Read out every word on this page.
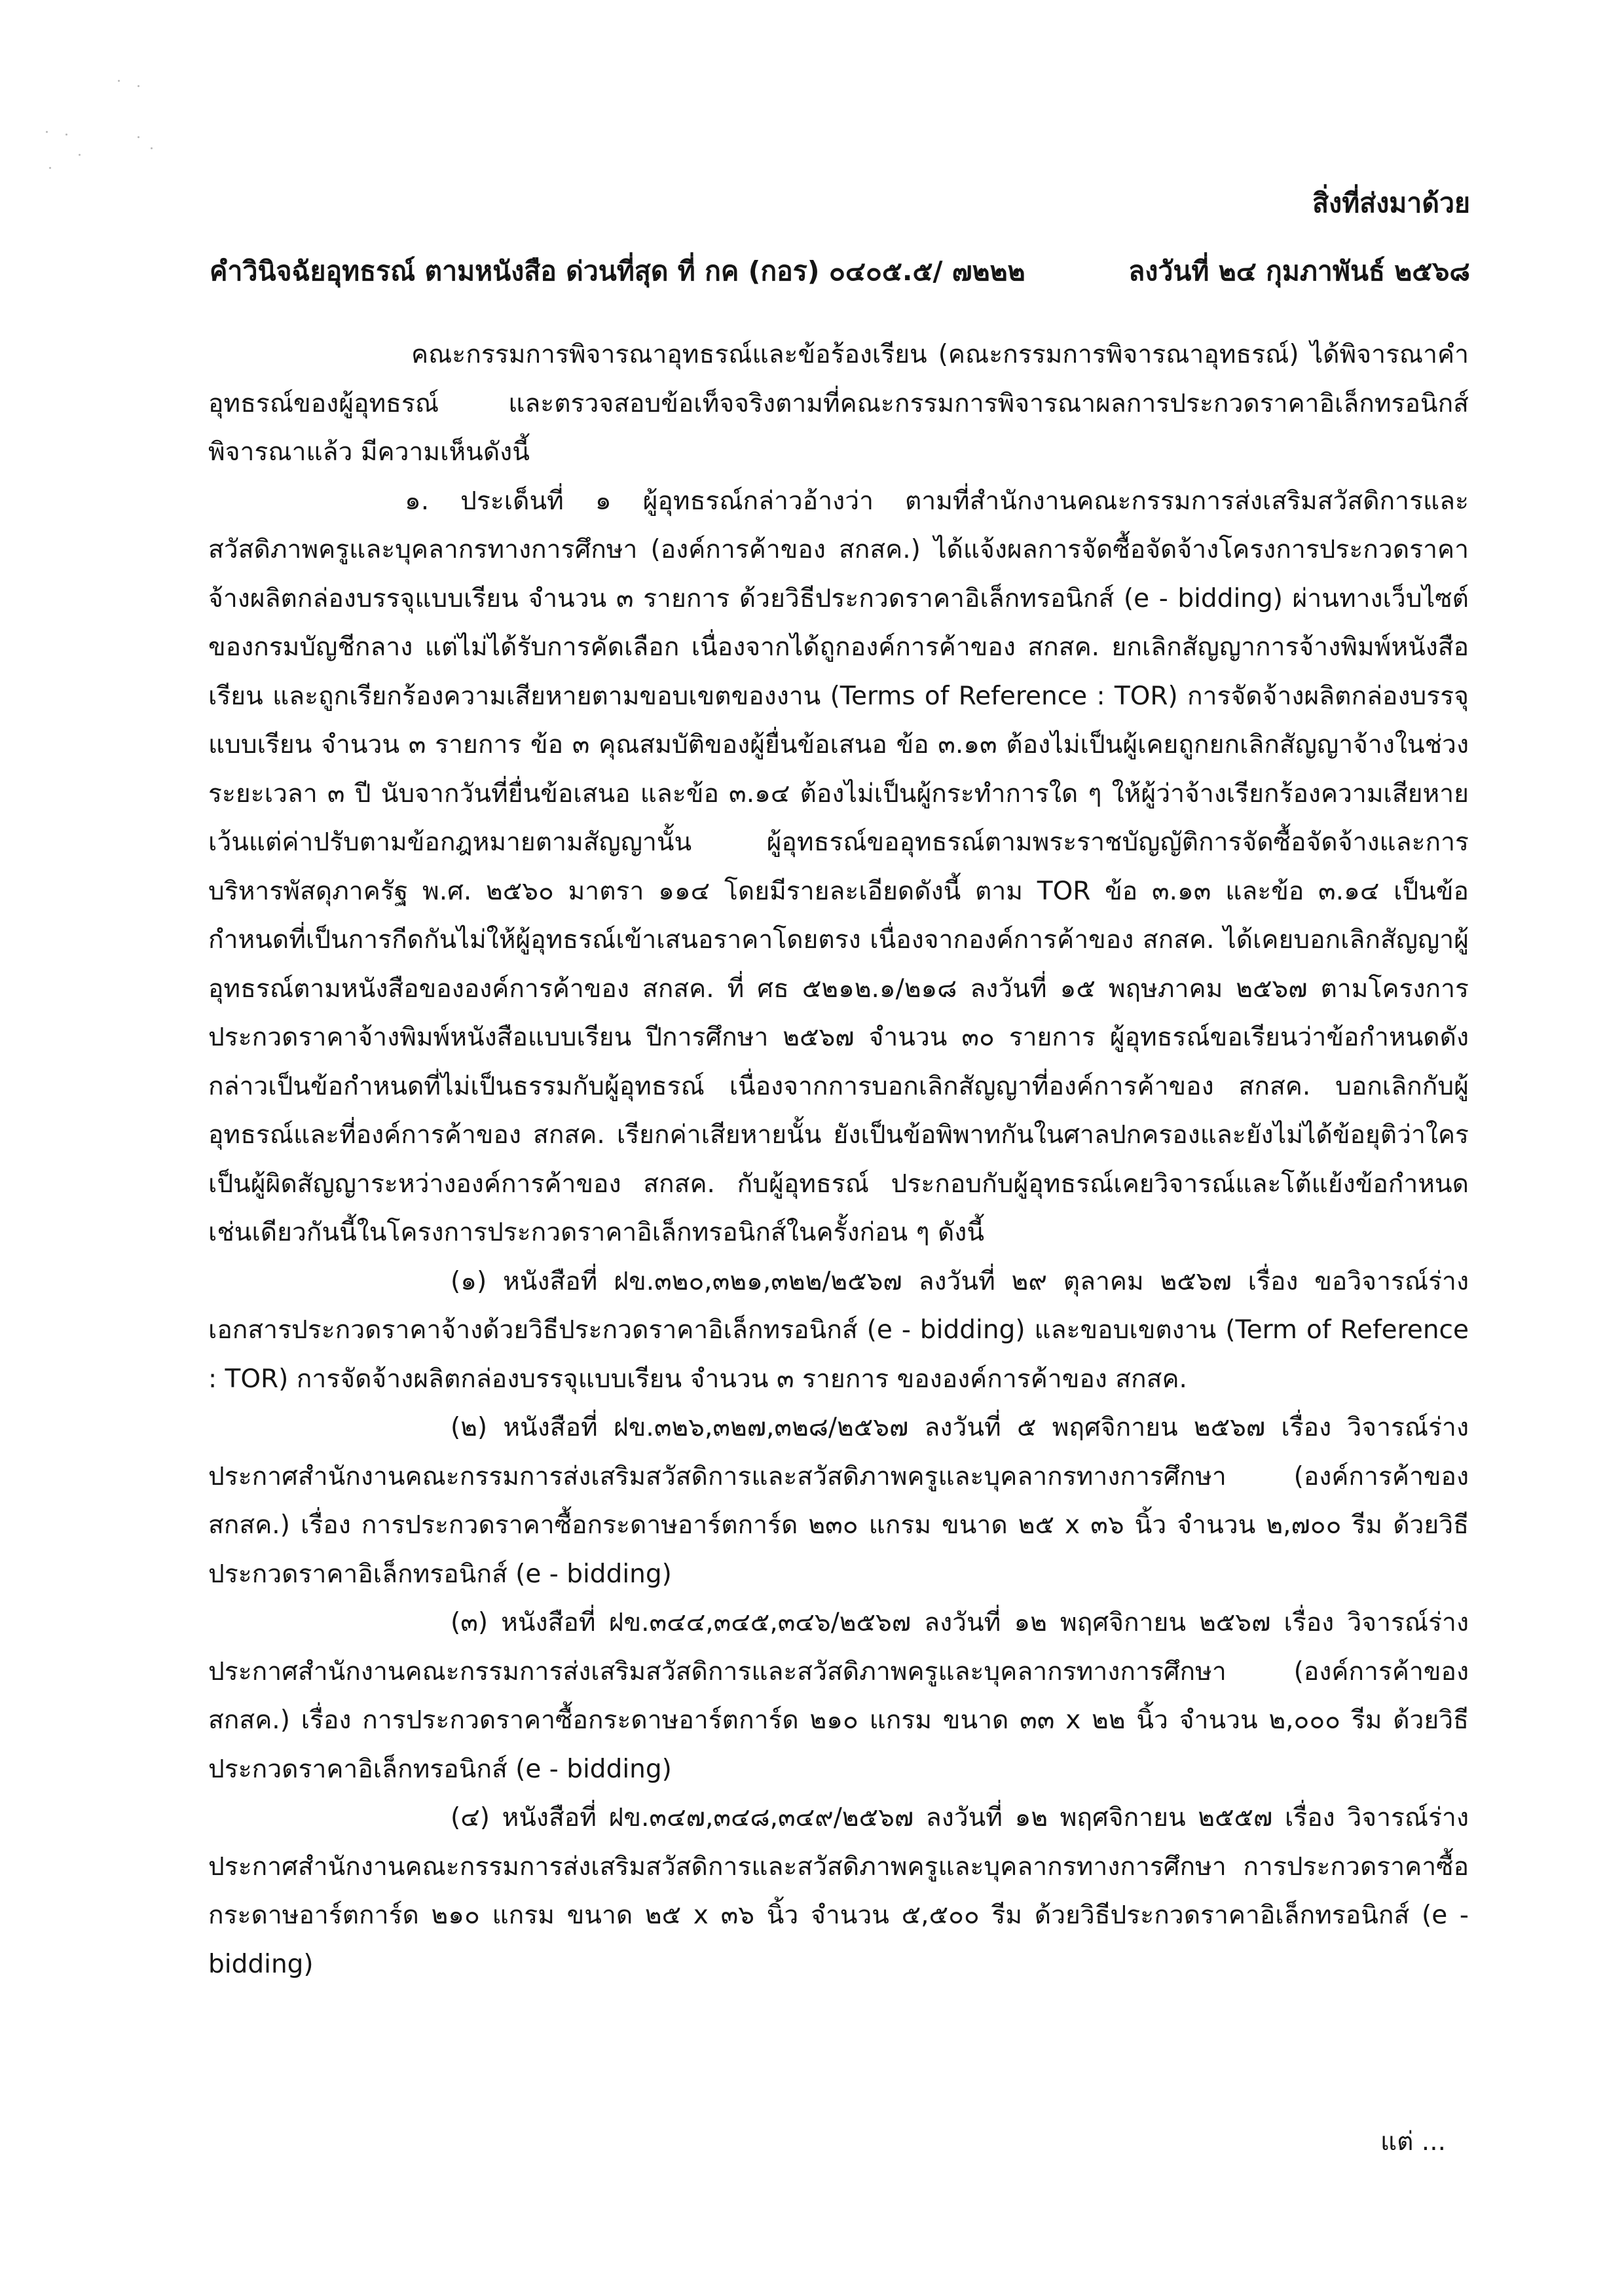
สิ่งที่ส่งมาด้วย
คำวินิจฉัยอุทธรณ์ ตามหนังสือ ด่วนที่สุด ที่ กค (กอร) ๐๔๐๕.๕/ ๗๒๒๒	ลงวันที่ ๒๔ กุมภาพันธ์ ๒๕๖๘

คณะกรรมการพิจารณาอุทธรณ์และข้อร้องเรียน (คณะกรรมการพิจารณาอุทธรณ์) ได้พิจารณาคำอุทธรณ์ของผู้อุทธรณ์ และตรวจสอบข้อเท็จจริงตามที่คณะกรรมการพิจารณาผลการประกวดราคาอิเล็กทรอนิกส์พิจารณาแล้ว มีความเห็นดังนี้

๑. ประเด็นที่ ๑ ผู้อุทธรณ์กล่าวอ้างว่า ตามที่สำนักงานคณะกรรมการส่งเสริมสวัสดิการและสวัสดิภาพครูและบุคลากรทางการศึกษา (องค์การค้าของ สกสค.) ได้แจ้งผลการจัดซื้อจัดจ้างโครงการประกวดราคาจ้างผลิตกล่องบรรจุแบบเรียน จำนวน ๓ รายการ ด้วยวิธีประกวดราคาอิเล็กทรอนิกส์ (e - bidding) ผ่านทางเว็บไซต์ของกรมบัญชีกลาง แต่ไม่ได้รับการคัดเลือก เนื่องจากได้ถูกองค์การค้าของ สกสค. ยกเลิกสัญญาการจ้างพิมพ์หนังสือเรียน และถูกเรียกร้องความเสียหายตามขอบเขตของงาน (Terms of Reference : TOR) การจัดจ้างผลิตกล่องบรรจุแบบเรียน จำนวน ๓ รายการ ข้อ ๓ คุณสมบัติของผู้ยื่นข้อเสนอ ข้อ ๓.๑๓ ต้องไม่เป็นผู้เคยถูกยกเลิกสัญญาจ้างในช่วงระยะเวลา ๓ ปี นับจากวันที่ยื่นข้อเสนอ และข้อ ๓.๑๔ ต้องไม่เป็นผู้กระทำการใด ๆ ให้ผู้ว่าจ้างเรียกร้องความเสียหาย เว้นแต่ค่าปรับตามข้อกฎหมายตามสัญญานั้น ผู้อุทธรณ์ขออุทธรณ์ตามพระราชบัญญัติการจัดซื้อจัดจ้างและการบริหารพัสดุภาครัฐ พ.ศ. ๒๕๖๐ มาตรา ๑๑๔ โดยมีรายละเอียดดังนี้ ตาม TOR ข้อ ๓.๑๓ และข้อ ๓.๑๔ เป็นข้อกำหนดที่เป็นการกีดกันไม่ให้ผู้อุทธรณ์เข้าเสนอราคาโดยตรง เนื่องจากองค์การค้าของ สกสค. ได้เคยบอกเลิกสัญญาผู้อุทธรณ์ตามหนังสือขององค์การค้าของ สกสค. ที่ ศธ ๕๒๑๒.๑/๒๑๘ ลงวันที่ ๑๕ พฤษภาคม ๒๕๖๗ ตามโครงการประกวดราคาจ้างพิมพ์หนังสือแบบเรียน ปีการศึกษา ๒๕๖๗ จำนวน ๓๐ รายการ ผู้อุทธรณ์ขอเรียนว่าข้อกำหนดดังกล่าวเป็นข้อกำหนดที่ไม่เป็นธรรมกับผู้อุทธรณ์ เนื่องจากการบอกเลิกสัญญาที่องค์การค้าของ สกสค. บอกเลิกกับผู้อุทธรณ์และที่องค์การค้าของ สกสค. เรียกค่าเสียหายนั้น ยังเป็นข้อพิพาทกันในศาลปกครองและยังไม่ได้ข้อยุติว่าใครเป็นผู้ผิดสัญญาระหว่างองค์การค้าของ สกสค. กับผู้อุทธรณ์ ประกอบกับผู้อุทธรณ์เคยวิจารณ์และโต้แย้งข้อกำหนดเช่นเดียวกันนี้ในโครงการประกวดราคาอิเล็กทรอนิกส์ในครั้งก่อน ๆ ดังนี้

(๑) หนังสือที่ ฝข.๓๒๐,๓๒๑,๓๒๒/๒๕๖๗ ลงวันที่ ๒๙ ตุลาคม ๒๕๖๗ เรื่อง ขอวิจารณ์ร่างเอกสารประกวดราคาจ้างด้วยวิธีประกวดราคาอิเล็กทรอนิกส์ (e - bidding) และขอบเขตงาน (Term of Reference : TOR) การจัดจ้างผลิตกล่องบรรจุแบบเรียน จำนวน ๓ รายการ ขององค์การค้าของ สกสค.

(๒) หนังสือที่ ฝข.๓๒๖,๓๒๗,๓๒๘/๒๕๖๗ ลงวันที่ ๕ พฤศจิกายน ๒๕๖๗ เรื่อง วิจารณ์ร่างประกาศสำนักงานคณะกรรมการส่งเสริมสวัสดิการและสวัสดิภาพครูและบุคลากรทางการศึกษา (องค์การค้าของ สกสค.) เรื่อง การประกวดราคาซื้อกระดาษอาร์ตการ์ด ๒๓๐ แกรม ขนาด ๒๕ x ๓๖ นิ้ว จำนวน ๒,๗๐๐ รีม ด้วยวิธีประกวดราคาอิเล็กทรอนิกส์ (e - bidding)

(๓) หนังสือที่ ฝข.๓๔๔,๓๔๕,๓๔๖/๒๕๖๗ ลงวันที่ ๑๒ พฤศจิกายน ๒๕๖๗ เรื่อง วิจารณ์ร่างประกาศสำนักงานคณะกรรมการส่งเสริมสวัสดิการและสวัสดิภาพครูและบุคลากรทางการศึกษา (องค์การค้าของ สกสค.) เรื่อง การประกวดราคาซื้อกระดาษอาร์ตการ์ด ๒๑๐ แกรม ขนาด ๓๓ x ๒๒ นิ้ว จำนวน ๒,๐๐๐ รีม ด้วยวิธีประกวดราคาอิเล็กทรอนิกส์ (e - bidding)

(๔) หนังสือที่ ฝข.๓๔๗,๓๔๘,๓๔๙/๒๕๖๗ ลงวันที่ ๑๒ พฤศจิกายน ๒๕๕๗ เรื่อง วิจารณ์ร่างประกาศสำนักงานคณะกรรมการส่งเสริมสวัสดิการและสวัสดิภาพครูและบุคลากรทางการศึกษา การประกวดราคาซื้อกระดาษอาร์ตการ์ด ๒๑๐ แกรม ขนาด ๒๕ x ๓๖ นิ้ว จำนวน ๕,๕๐๐ รีม ด้วยวิธีประกวดราคาอิเล็กทรอนิกส์ (e - bidding)

แต่ ...
